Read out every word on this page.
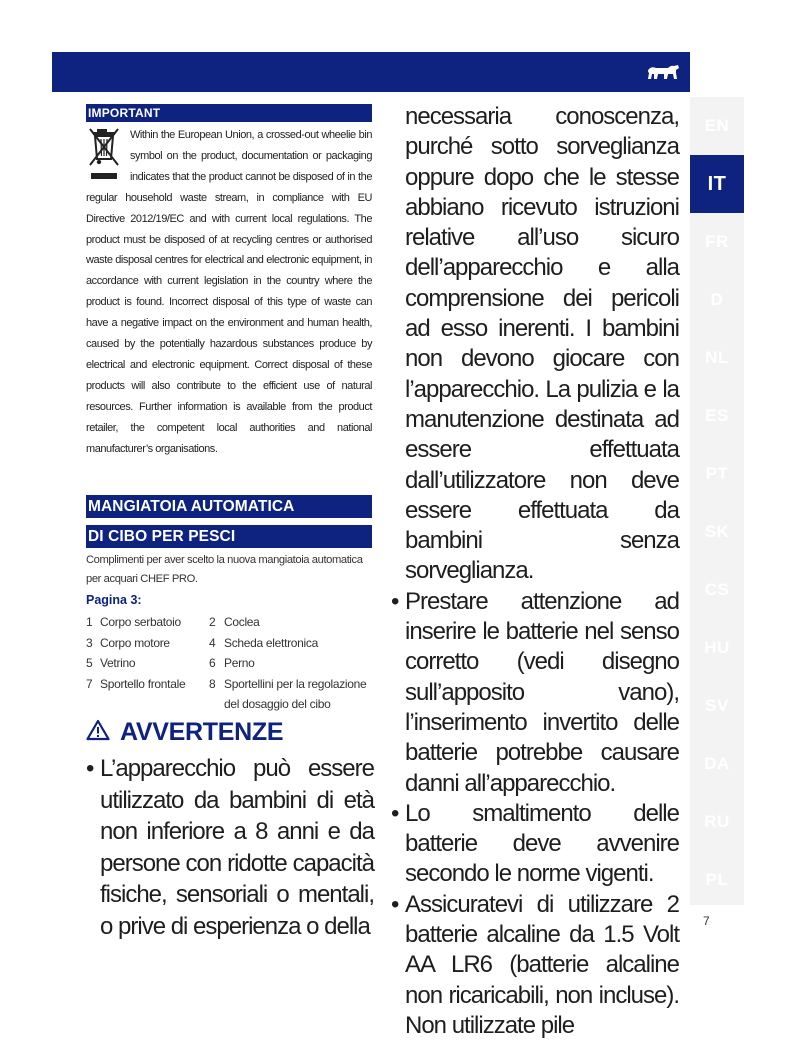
EN
IT
FR
D
NL
ES
PT
SK
CS
HU
SV
DA
RU
PL
7
IMPORTANT
Within the European Union, a crossed-out wheelie bin symbol on the product, documentation or packaging indicates that the product cannot be disposed of in the regular household waste stream, in compliance with EU Directive 2012/19/EC and with current local regulations. The product must be disposed of at recycling centres or authorised waste disposal centres for electrical and electronic equipment, in accordance with current legislation in the country where the product is found. Incorrect disposal of this type of waste can have a negative impact on the environment and human health, caused by the potentially hazardous substances produce by electrical and electronic equipment. Correct disposal of these products will also contribute to the efficient use of natural resources. Further information is available from the product retailer, the competent local authorities and national manufacturer’s organisations.
MANGIATOIA AUTOMATICA
DI CIBO PER PESCI
Complimenti per aver scelto la nuova mangiatoia automatica per acquari CHEF PRO.
Pagina 3:
1 Corpo serbatoio 2 Coclea
3 Corpo motore	4 Scheda elettronica
5 Vetrino	6 Perno
7 Sportello frontale 8 Sportellini per la regolazione del dosaggio del cibo
AVVERTENZE
• L’apparecchio può essere utilizzato da bambini di età non inferiore a 8 anni e da persone con ridotte capacità fisiche, sensoriali o mentali, o prive di esperienza o della
necessaria conoscenza, purché sotto sorveglianza oppure dopo che le stesse abbiano ricevuto istruzioni relative all’uso sicuro dell’apparecchio e alla comprensione dei pericoli ad esso inerenti. I bambini non devono giocare con l’apparecchio. La pulizia e la manutenzione destinata ad essere effettuata dall’utilizzatore non deve essere effettuata da bambini senza sorveglianza.
• Prestare attenzione ad inserire le batterie nel senso corretto (vedi disegno sull’apposito vano), l’inserimento invertito delle batterie potrebbe causare danni all’apparecchio.
• Lo smaltimento delle batterie deve avvenire secondo le norme vigenti.
• Assicuratevi di utilizzare 2 batterie alcaline da 1.5 Volt AA LR6 (batterie alcaline non ricaricabili, non incluse). Non utilizzate pile
